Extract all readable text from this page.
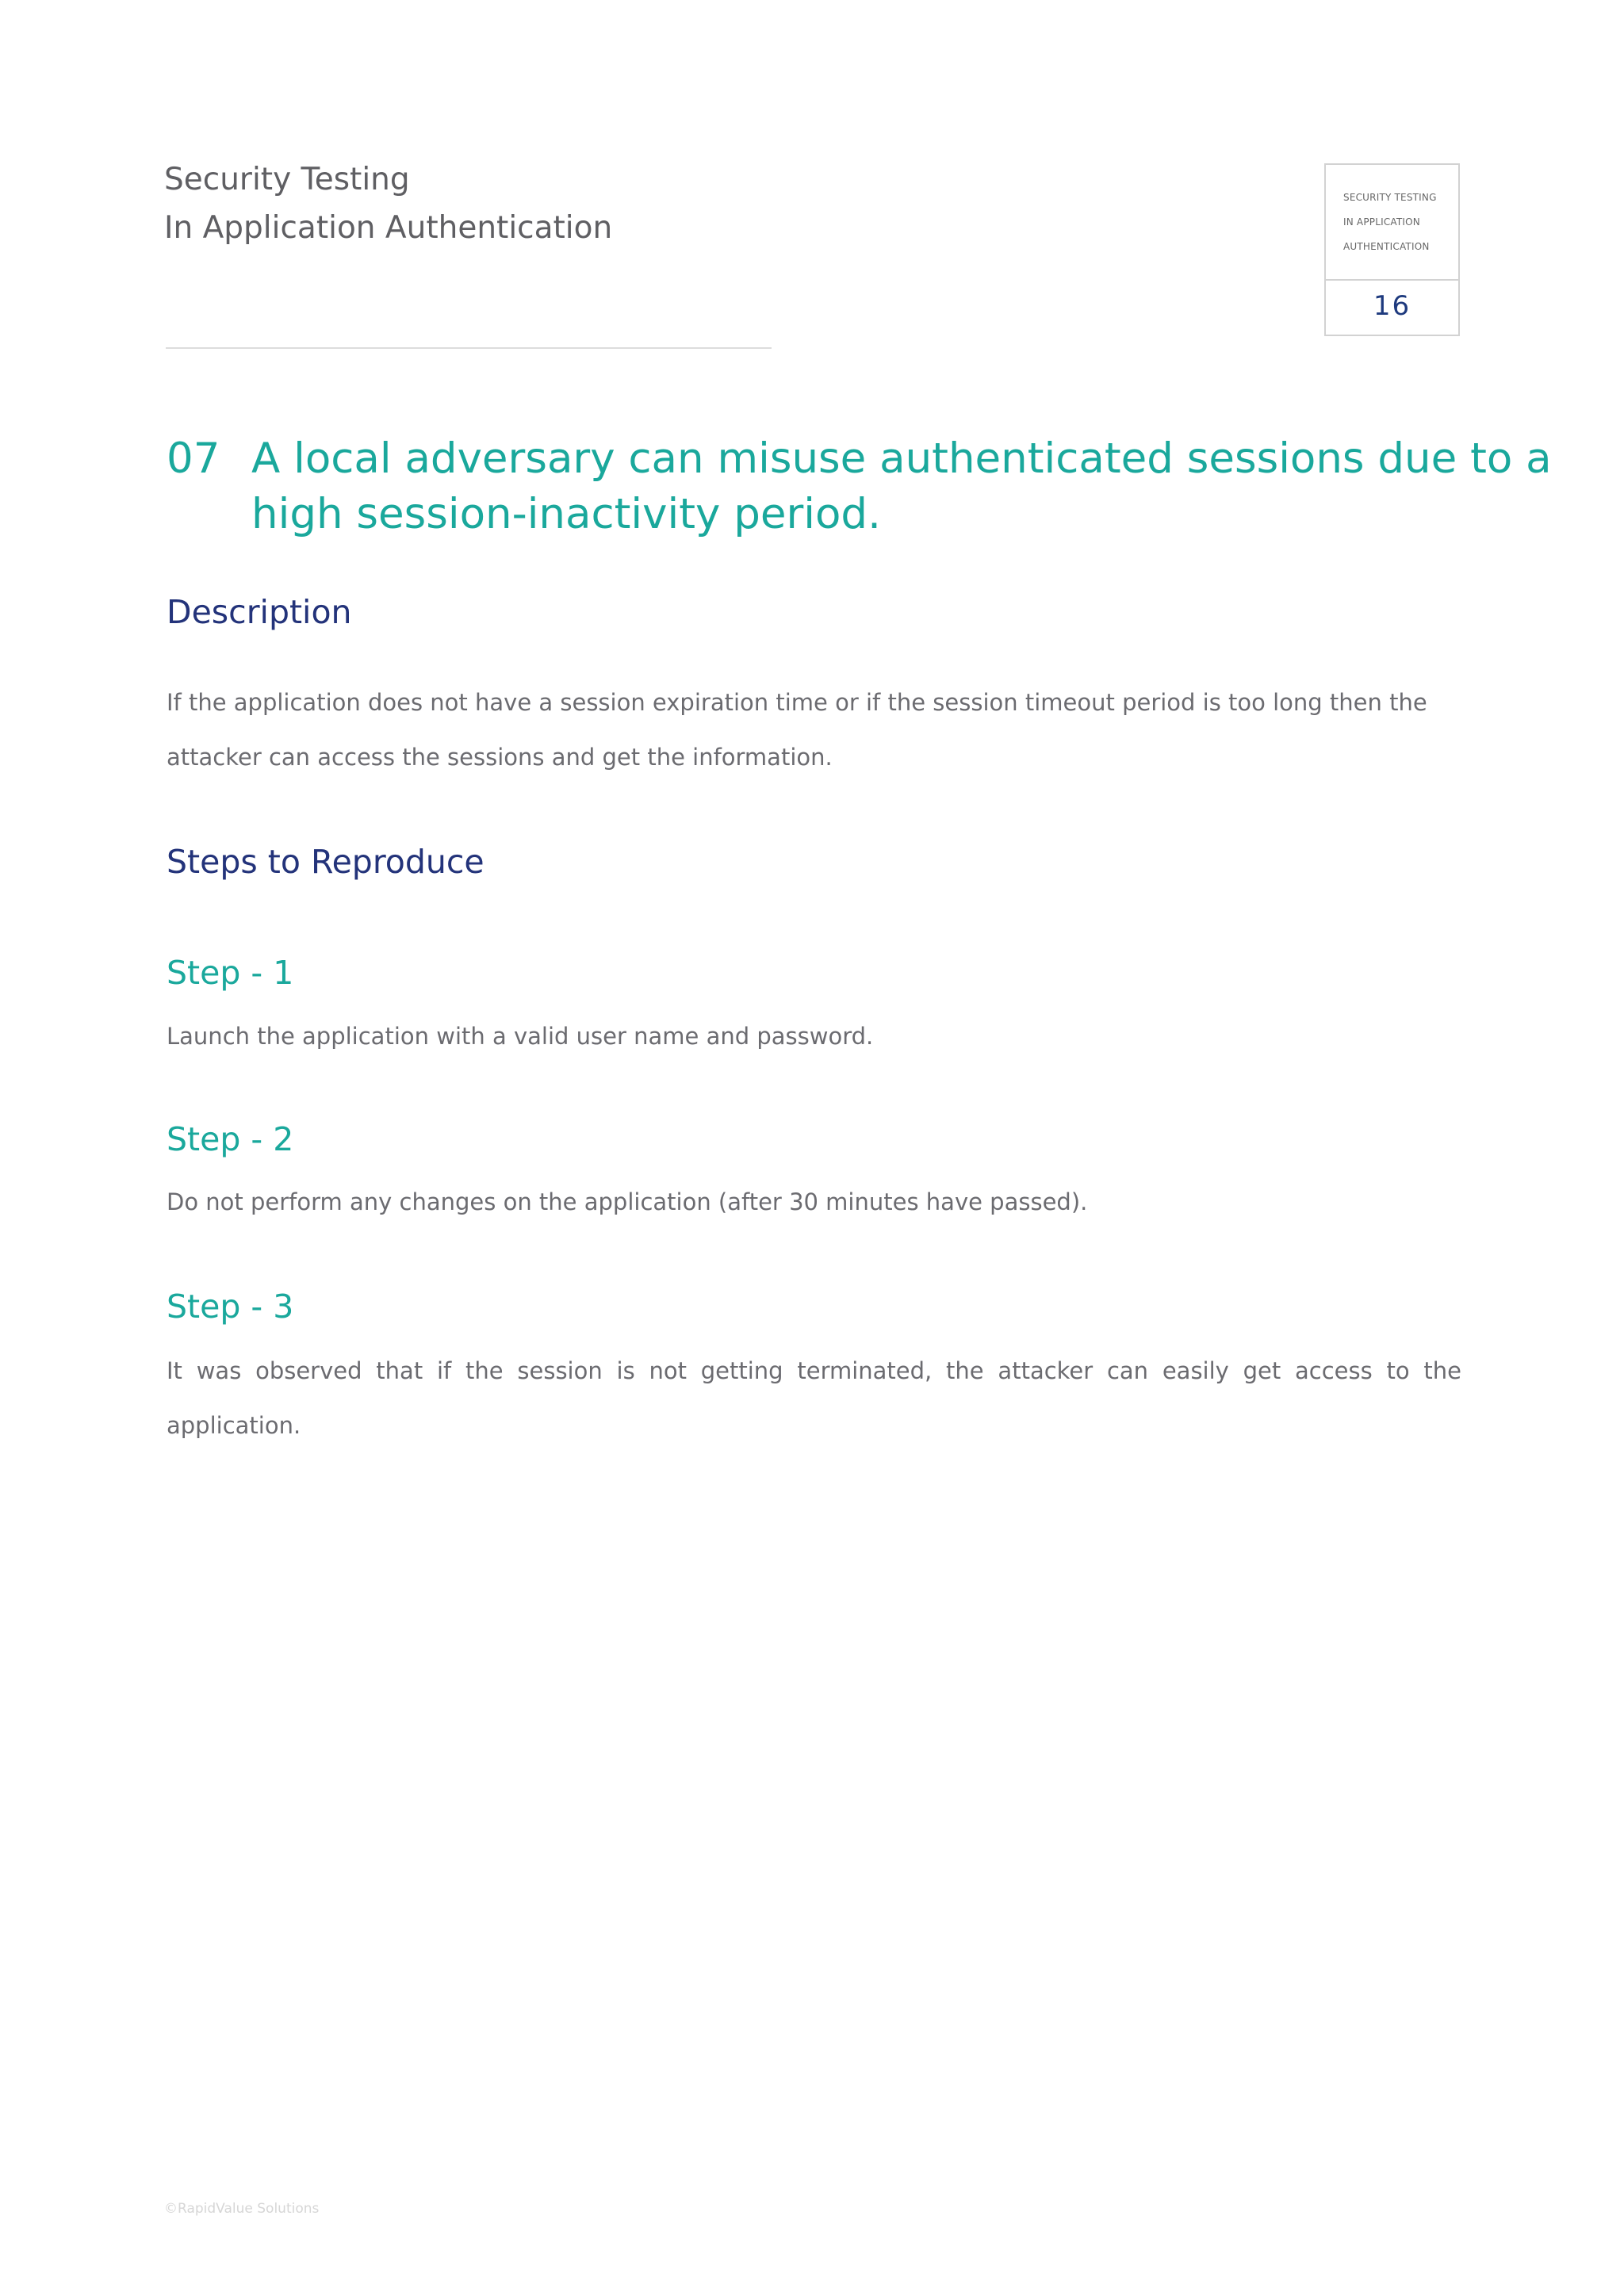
Security Testing
In Application Authentication
SECURITY TESTING
IN APPLICATION
AUTHENTICATION
16
07 A local adversary can misuse authenticated sessions due to a high session-inactivity period.
Description
If the application does not have a session expiration time or if the session timeout period is too long then the attacker can access the sessions and get the information.
Steps to Reproduce
Step - 1
Launch the application with a valid user name and password.
Step - 2
Do not perform any changes on the application (after 30 minutes have passed).
Step - 3
It was observed that if the session is not getting terminated, the attacker can easily get access to the application.
©RapidValue Solutions
